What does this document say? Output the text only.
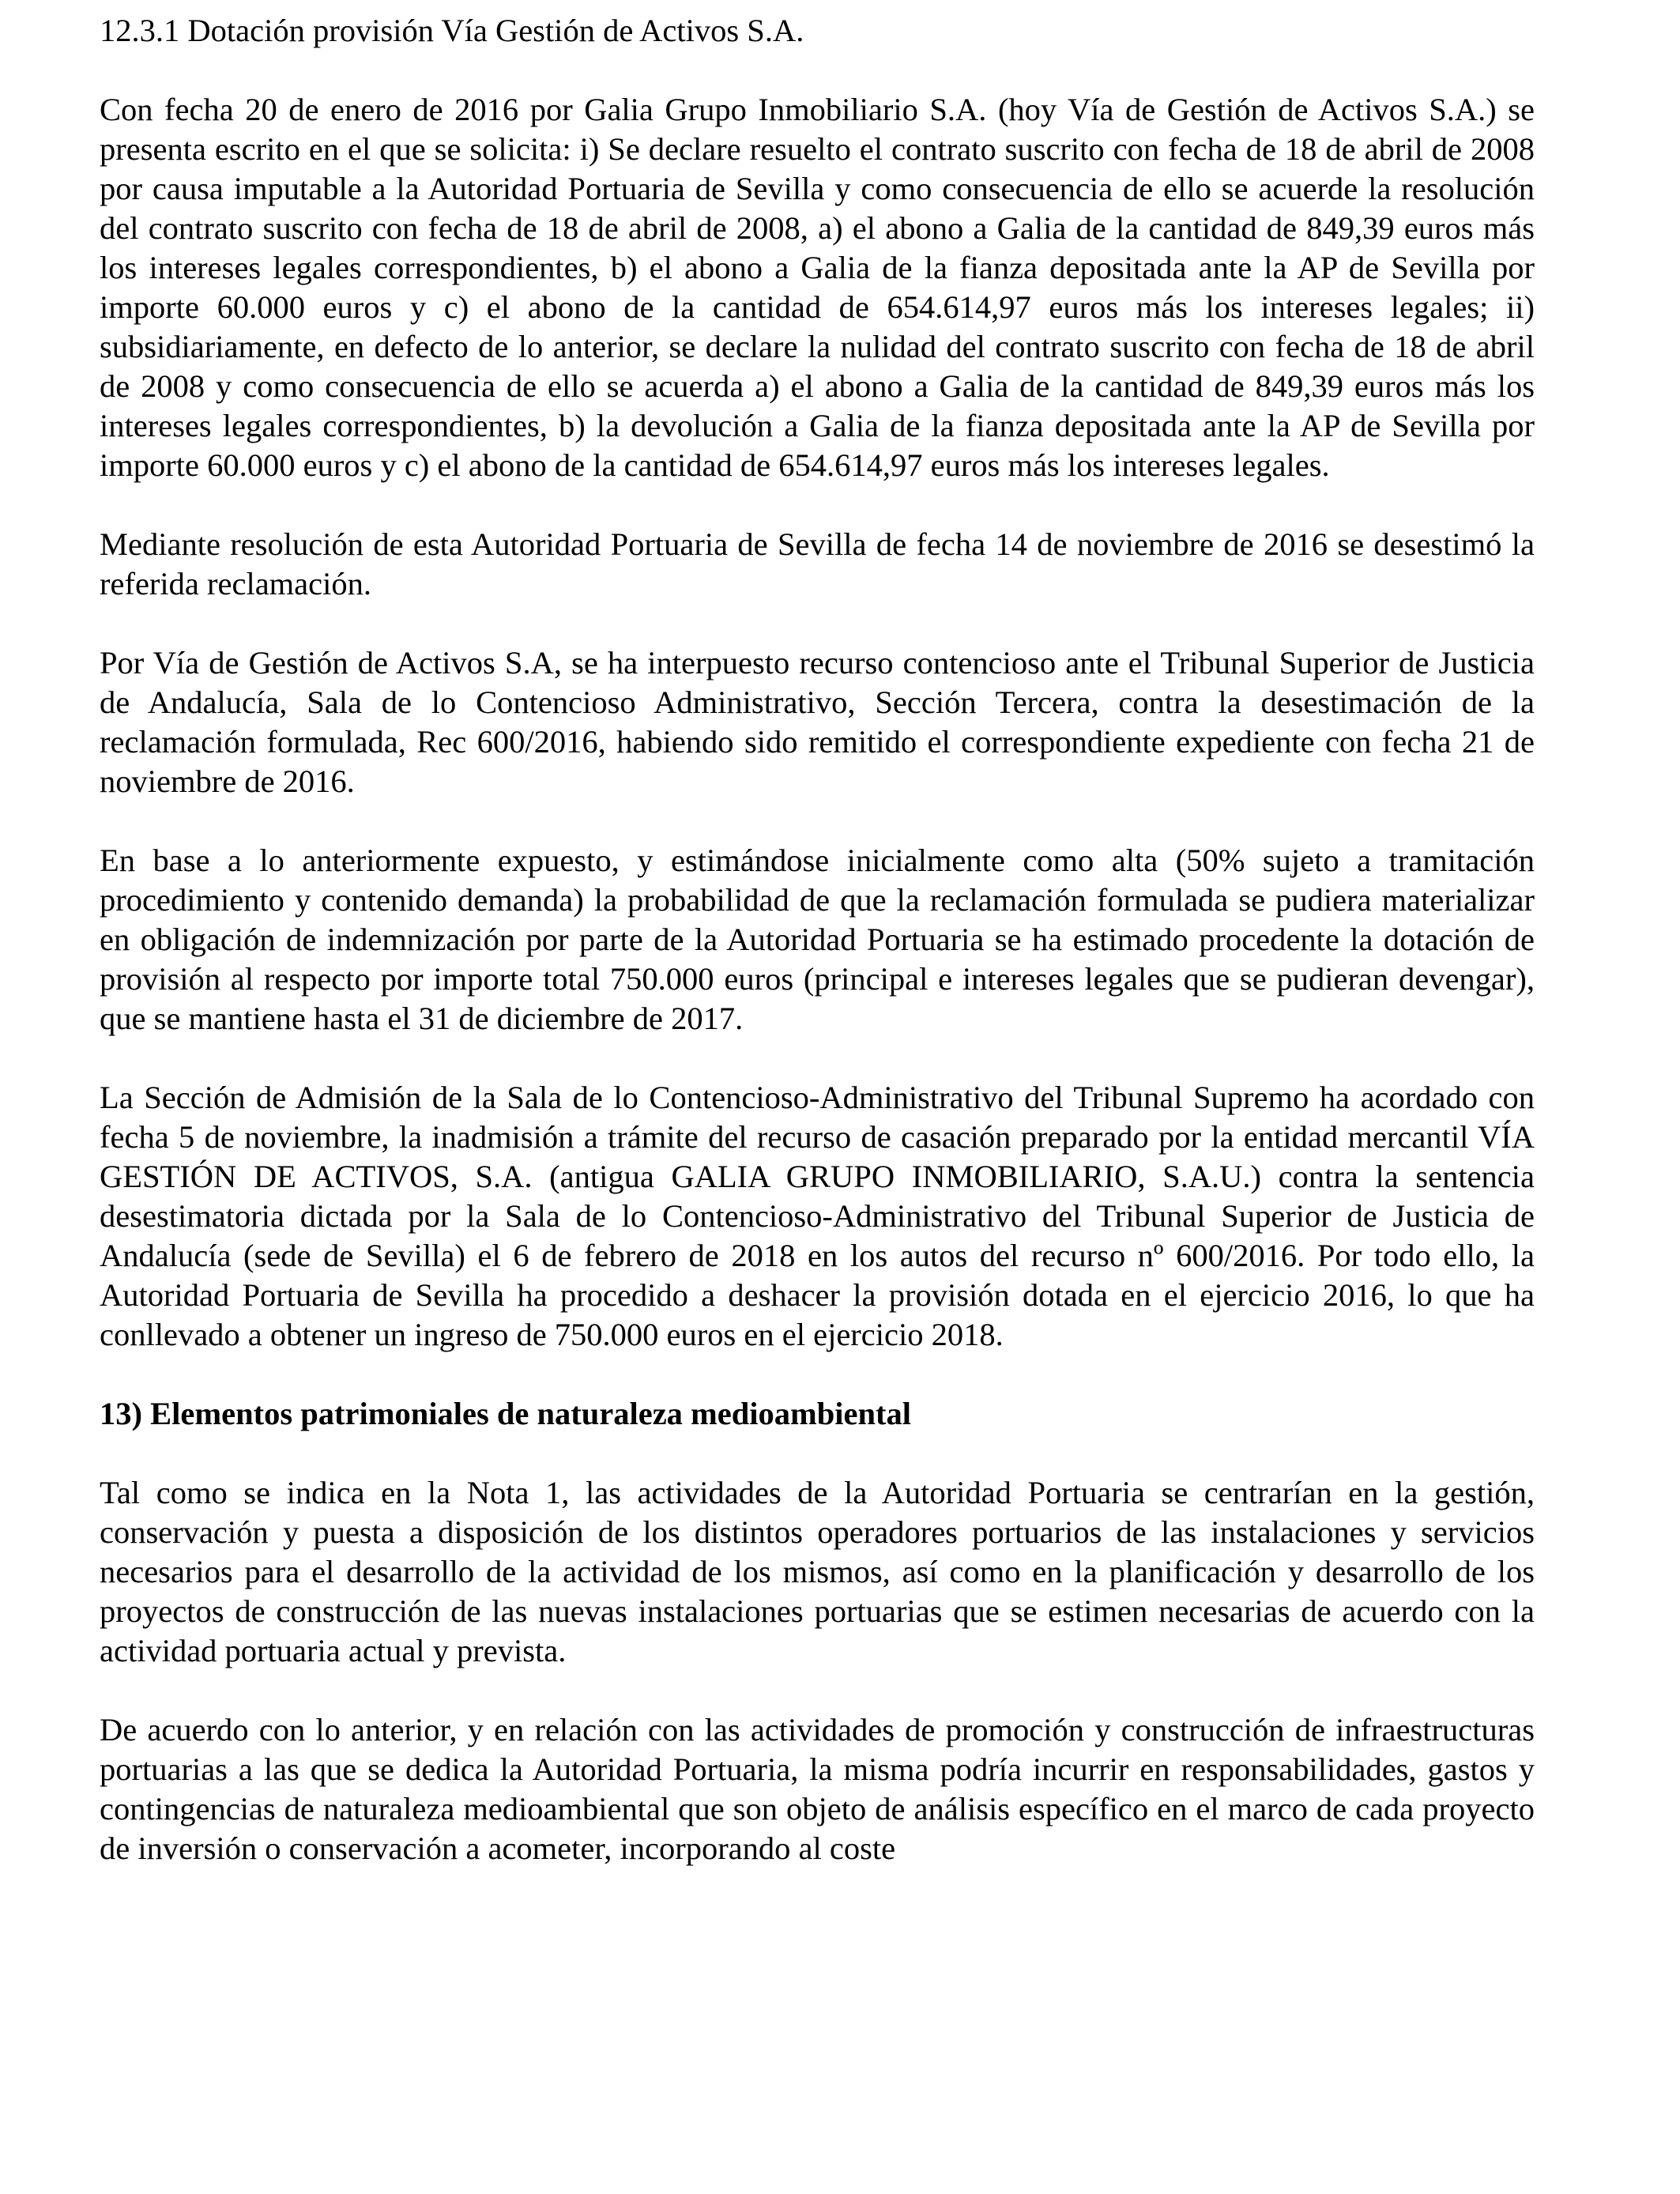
12.3.1 Dotación provisión Vía Gestión de Activos S.A.

Con fecha 20 de enero de 2016 por Galia Grupo Inmobiliario S.A. (hoy Vía de Gestión de Activos S.A.) se presenta escrito en el que se solicita: i) Se declare resuelto el contrato suscrito con fecha de 18 de abril de 2008 por causa imputable a la Autoridad Portuaria de Sevilla y como consecuencia de ello se acuerde la resolución del contrato suscrito con fecha de 18 de abril de 2008, a) el abono a Galia de la cantidad de 849,39 euros más los intereses legales correspondientes, b) el abono a Galia de la fianza depositada ante la AP de Sevilla por importe 60.000 euros y c) el abono de la cantidad de 654.614,97 euros más los intereses legales; ii) subsidiariamente, en defecto de lo anterior, se declare la nulidad del contrato suscrito con fecha de 18 de abril de 2008 y como consecuencia de ello se acuerda a) el abono a Galia de la cantidad de 849,39 euros más los intereses legales correspondientes, b) la devolución a Galia de la fianza depositada ante la AP de Sevilla por importe 60.000 euros y c) el abono de la cantidad de 654.614,97 euros más los intereses legales.

Mediante resolución de esta Autoridad Portuaria de Sevilla de fecha 14 de noviembre de 2016 se desestimó la referida reclamación.

Por Vía de Gestión de Activos S.A, se ha interpuesto recurso contencioso ante el Tribunal Superior de Justicia de Andalucía, Sala de lo Contencioso Administrativo, Sección Tercera, contra la desestimación de la reclamación formulada, Rec 600/2016, habiendo sido remitido el correspondiente expediente con fecha 21 de noviembre de 2016.

En base a lo anteriormente expuesto, y estimándose inicialmente como alta (50% sujeto a tramitación procedimiento y contenido demanda) la probabilidad de que la reclamación formulada se pudiera materializar en obligación de indemnización por parte de la Autoridad Portuaria se ha estimado procedente la dotación de provisión al respecto por importe total 750.000 euros (principal e intereses legales que se pudieran devengar), que se mantiene hasta el 31 de diciembre de 2017.

La Sección de Admisión de la Sala de lo Contencioso-Administrativo del Tribunal Supremo ha acordado con fecha 5 de noviembre, la inadmisión a trámite del recurso de casación preparado por la entidad mercantil VÍA GESTIÓN DE ACTIVOS, S.A. (antigua GALIA GRUPO INMOBILIARIO, S.A.U.) contra la sentencia desestimatoria dictada por la Sala de lo Contencioso-Administrativo del Tribunal Superior de Justicia de Andalucía (sede de Sevilla) el 6 de febrero de 2018 en los autos del recurso nº 600/2016. Por todo ello, la Autoridad Portuaria de Sevilla ha procedido a deshacer la provisión dotada en el ejercicio 2016, lo que ha conllevado a obtener un ingreso de 750.000 euros en el ejercicio 2018.

13) Elementos patrimoniales de naturaleza medioambiental

Tal como se indica en la Nota 1, las actividades de la Autoridad Portuaria se centrarían en la gestión, conservación y puesta a disposición de los distintos operadores portuarios de las instalaciones y servicios necesarios para el desarrollo de la actividad de los mismos, así como en la planificación y desarrollo de los proyectos de construcción de las nuevas instalaciones portuarias que se estimen necesarias de acuerdo con la actividad portuaria actual y prevista.

De acuerdo con lo anterior, y en relación con las actividades de promoción y construcción de infraestructuras portuarias a las que se dedica la Autoridad Portuaria, la misma podría incurrir en responsabilidades, gastos y contingencias de naturaleza medioambiental que son objeto de análisis específico en el marco de cada proyecto de inversión o conservación a acometer, incorporando al coste
